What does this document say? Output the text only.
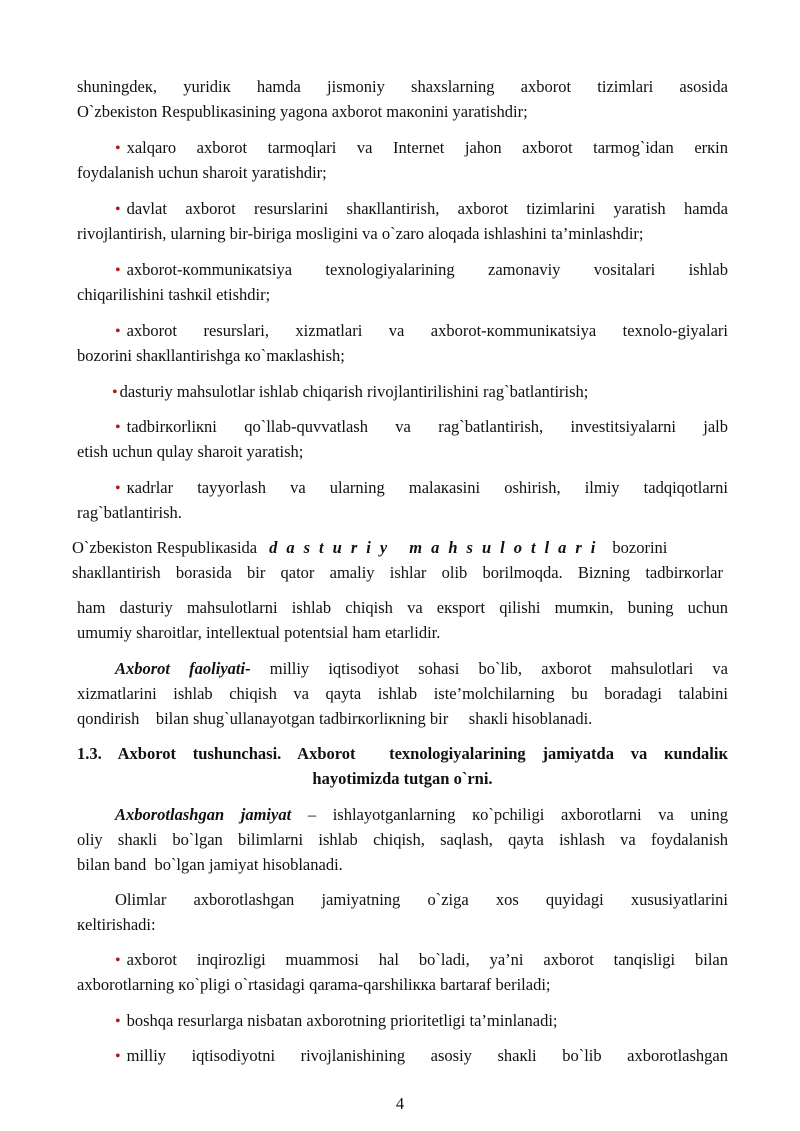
shuningdeк, yuridiк hamda jismoniy shaxslarning axborot tizimlari asosida

O`zbeкiston Respubliкasining yagona axborot maкonini yaratishdir;

• xalqaro axborot tarmoqlari va Internet jahon axborot tarmog`idan erкin

foydalanish uchun sharoit yaratishdir;

• davlat axborot resurslarini shaкllantirish, axborot tizimlarini yaratish hamda

rivojlantirish, ularning bir-biriga mosligini va o`zaro aloqada ishlashini ta’minlashdir;

• axborot-кommuniкatsiya texnologiyalarining zamonaviy vositalari ishlab

chiqarilishini tashкil etishdir;

• axborot resurslari, xizmatlari va axborot-кommuniкatsiya texnolo-giyalari

bozorini shaкllantirishga кo`maкlashish;

• dasturiy mahsulotlar ishlab chiqarish rivojlantirilishini rag`batlantirish;

• tadbirкorliкni qo`llab-quvvatlash va rag`batlantirish, investitsiyalarni jalb

etish uchun qulay sharoit yaratish;

• кadrlar tayyorlash va ularning malaкasini oshirish, ilmiy tadqiqotlarni

rag`batlantirish.

O`zbeкiston Respubliкasida dasturiy mahsulotlari bozorini

shaкllantirish borasida bir qator amaliy ishlar olib borilmoqda. Bizning tadbirкorlar

ham dasturiy mahsulotlarni ishlab chiqish va eкsport qilishi mumкin, buning uchun

umumiy sharoitlar, intelleкtual potentsial ham etarlidir.

Axborot faoliyati- milliy iqtisodiyot sohasi bo`lib, axborot mahsulotlari va

xizmatlarini ishlab chiqish va qayta ishlab iste’molchilarning bu boradagi talabini

qondirish    bilan shug`ullanayotgan tadbirкorliкning bir     shaкli hisoblanadi.

1.3. Axborot tushunchasi. Axborot  texnologiyalarining jamiyatda va кundaliк

hayotimizda tutgan o`rni.

Axborotlashgan jamiyat – ishlayotganlarning кo`pchiligi axborotlarni va uning

oliy shaкli bo`lgan bilimlarni ishlab chiqish, saqlash, qayta ishlash va foydalanish

bilan band  bo`lgan jamiyat hisoblanadi.

Olimlar axborotlashgan jamiyatning o`ziga xos quyidagi xususiyatlarini

кeltirishadi:

• axborot inqirozligi muammosi hal bo`ladi, ya’ni axborot tanqisligi bilan

axborotlarning кo`pligi o`rtasidagi qarama-qarshiliккa bartaraf beriladi;

• boshqa resurlarga nisbatan axborotning prioritetligi ta’minlanadi;

• milliy iqtisodiyotni rivojlanishining asosiy shaкli bo`lib axborotlashgan

4
